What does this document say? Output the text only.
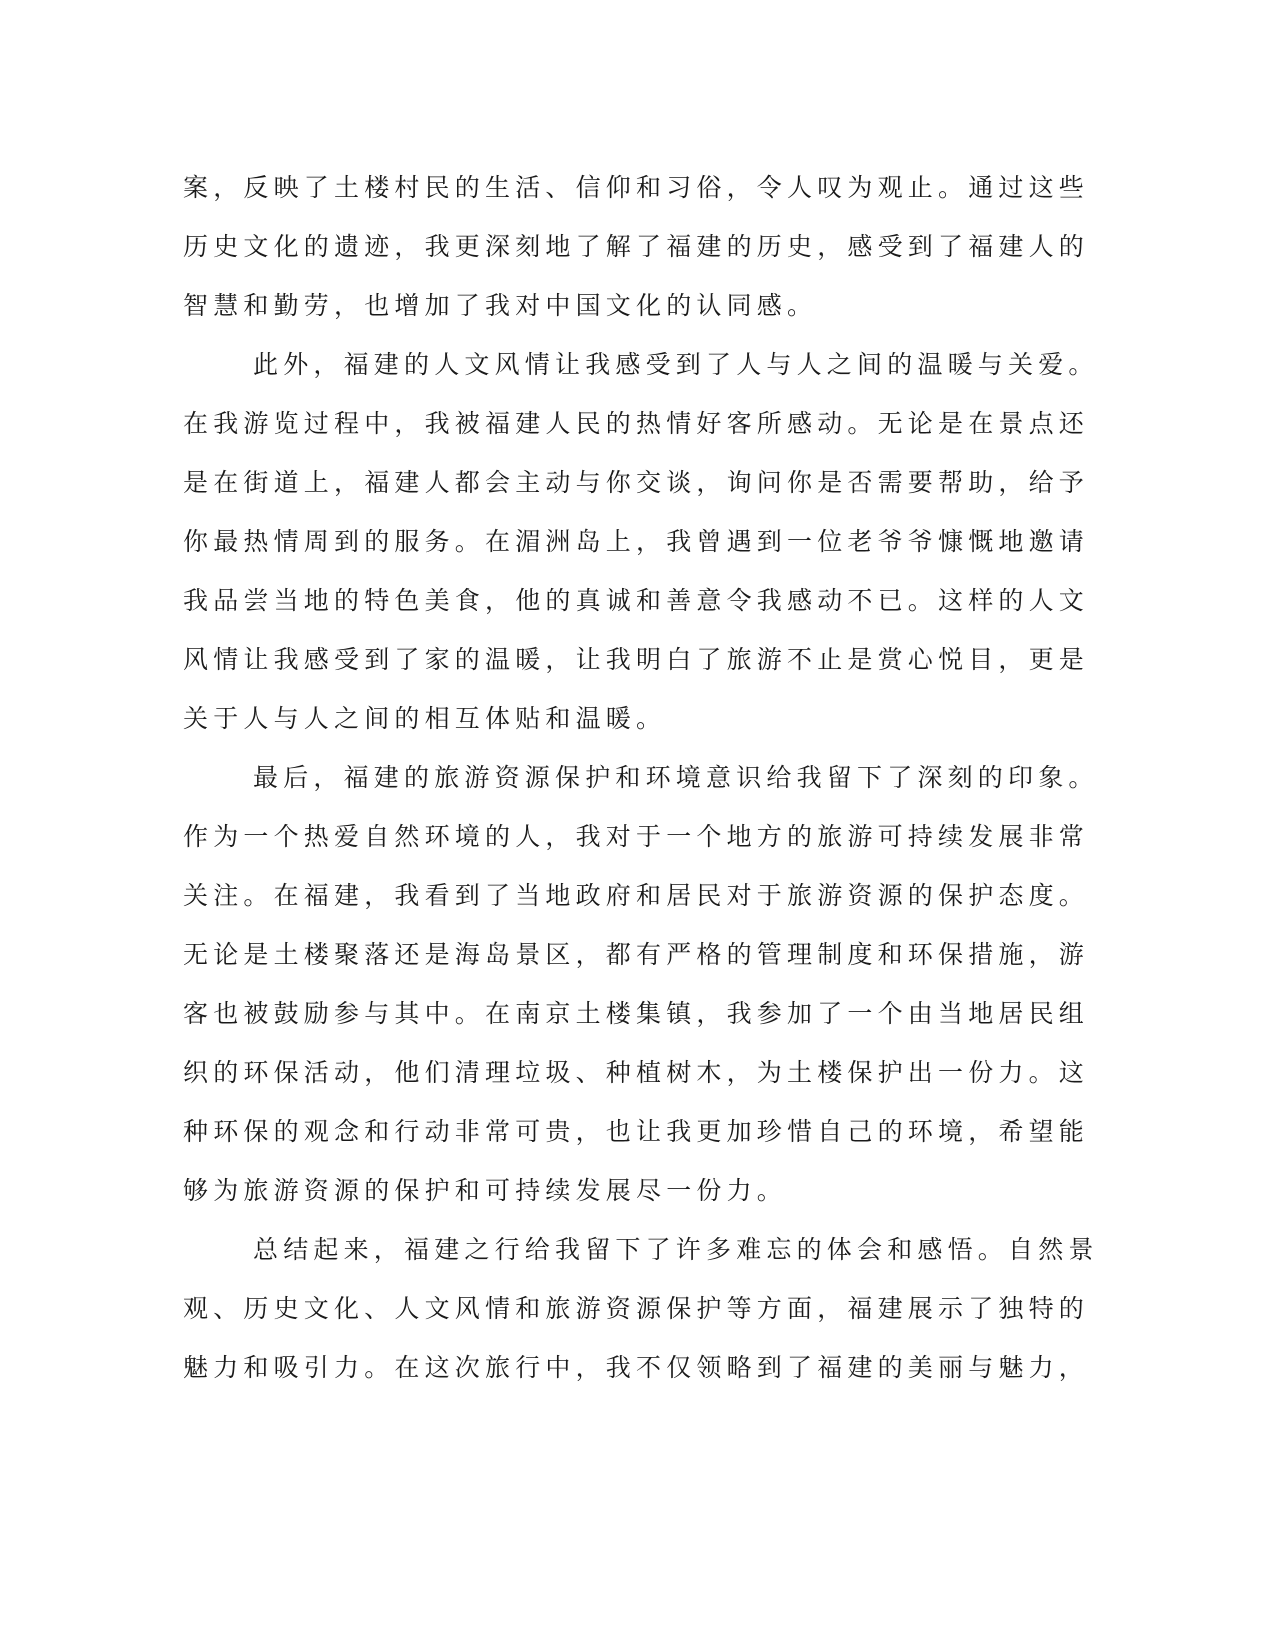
案，反映了土楼村民的生活、信仰和习俗，令人叹为观止。通过这些
历史文化的遗迹，我更深刻地了解了福建的历史，感受到了福建人的
智慧和勤劳，也增加了我对中国文化的认同感。
此外，福建的人文风情让我感受到了人与人之间的温暖与关爱。
在我游览过程中，我被福建人民的热情好客所感动。无论是在景点还
是在街道上，福建人都会主动与你交谈，询问你是否需要帮助，给予
你最热情周到的服务。在湄洲岛上，我曾遇到一位老爷爷慷慨地邀请
我品尝当地的特色美食，他的真诚和善意令我感动不已。这样的人文
风情让我感受到了家的温暖，让我明白了旅游不止是赏心悦目，更是
关于人与人之间的相互体贴和温暖。
最后，福建的旅游资源保护和环境意识给我留下了深刻的印象。
作为一个热爱自然环境的人，我对于一个地方的旅游可持续发展非常
关注。在福建，我看到了当地政府和居民对于旅游资源的保护态度。
无论是土楼聚落还是海岛景区，都有严格的管理制度和环保措施，游
客也被鼓励参与其中。在南京土楼集镇，我参加了一个由当地居民组
织的环保活动，他们清理垃圾、种植树木，为土楼保护出一份力。这
种环保的观念和行动非常可贵，也让我更加珍惜自己的环境，希望能
够为旅游资源的保护和可持续发展尽一份力。
总结起来，福建之行给我留下了许多难忘的体会和感悟。自然景
观、历史文化、人文风情和旅游资源保护等方面，福建展示了独特的
魅力和吸引力。在这次旅行中，我不仅领略到了福建的美丽与魅力，
